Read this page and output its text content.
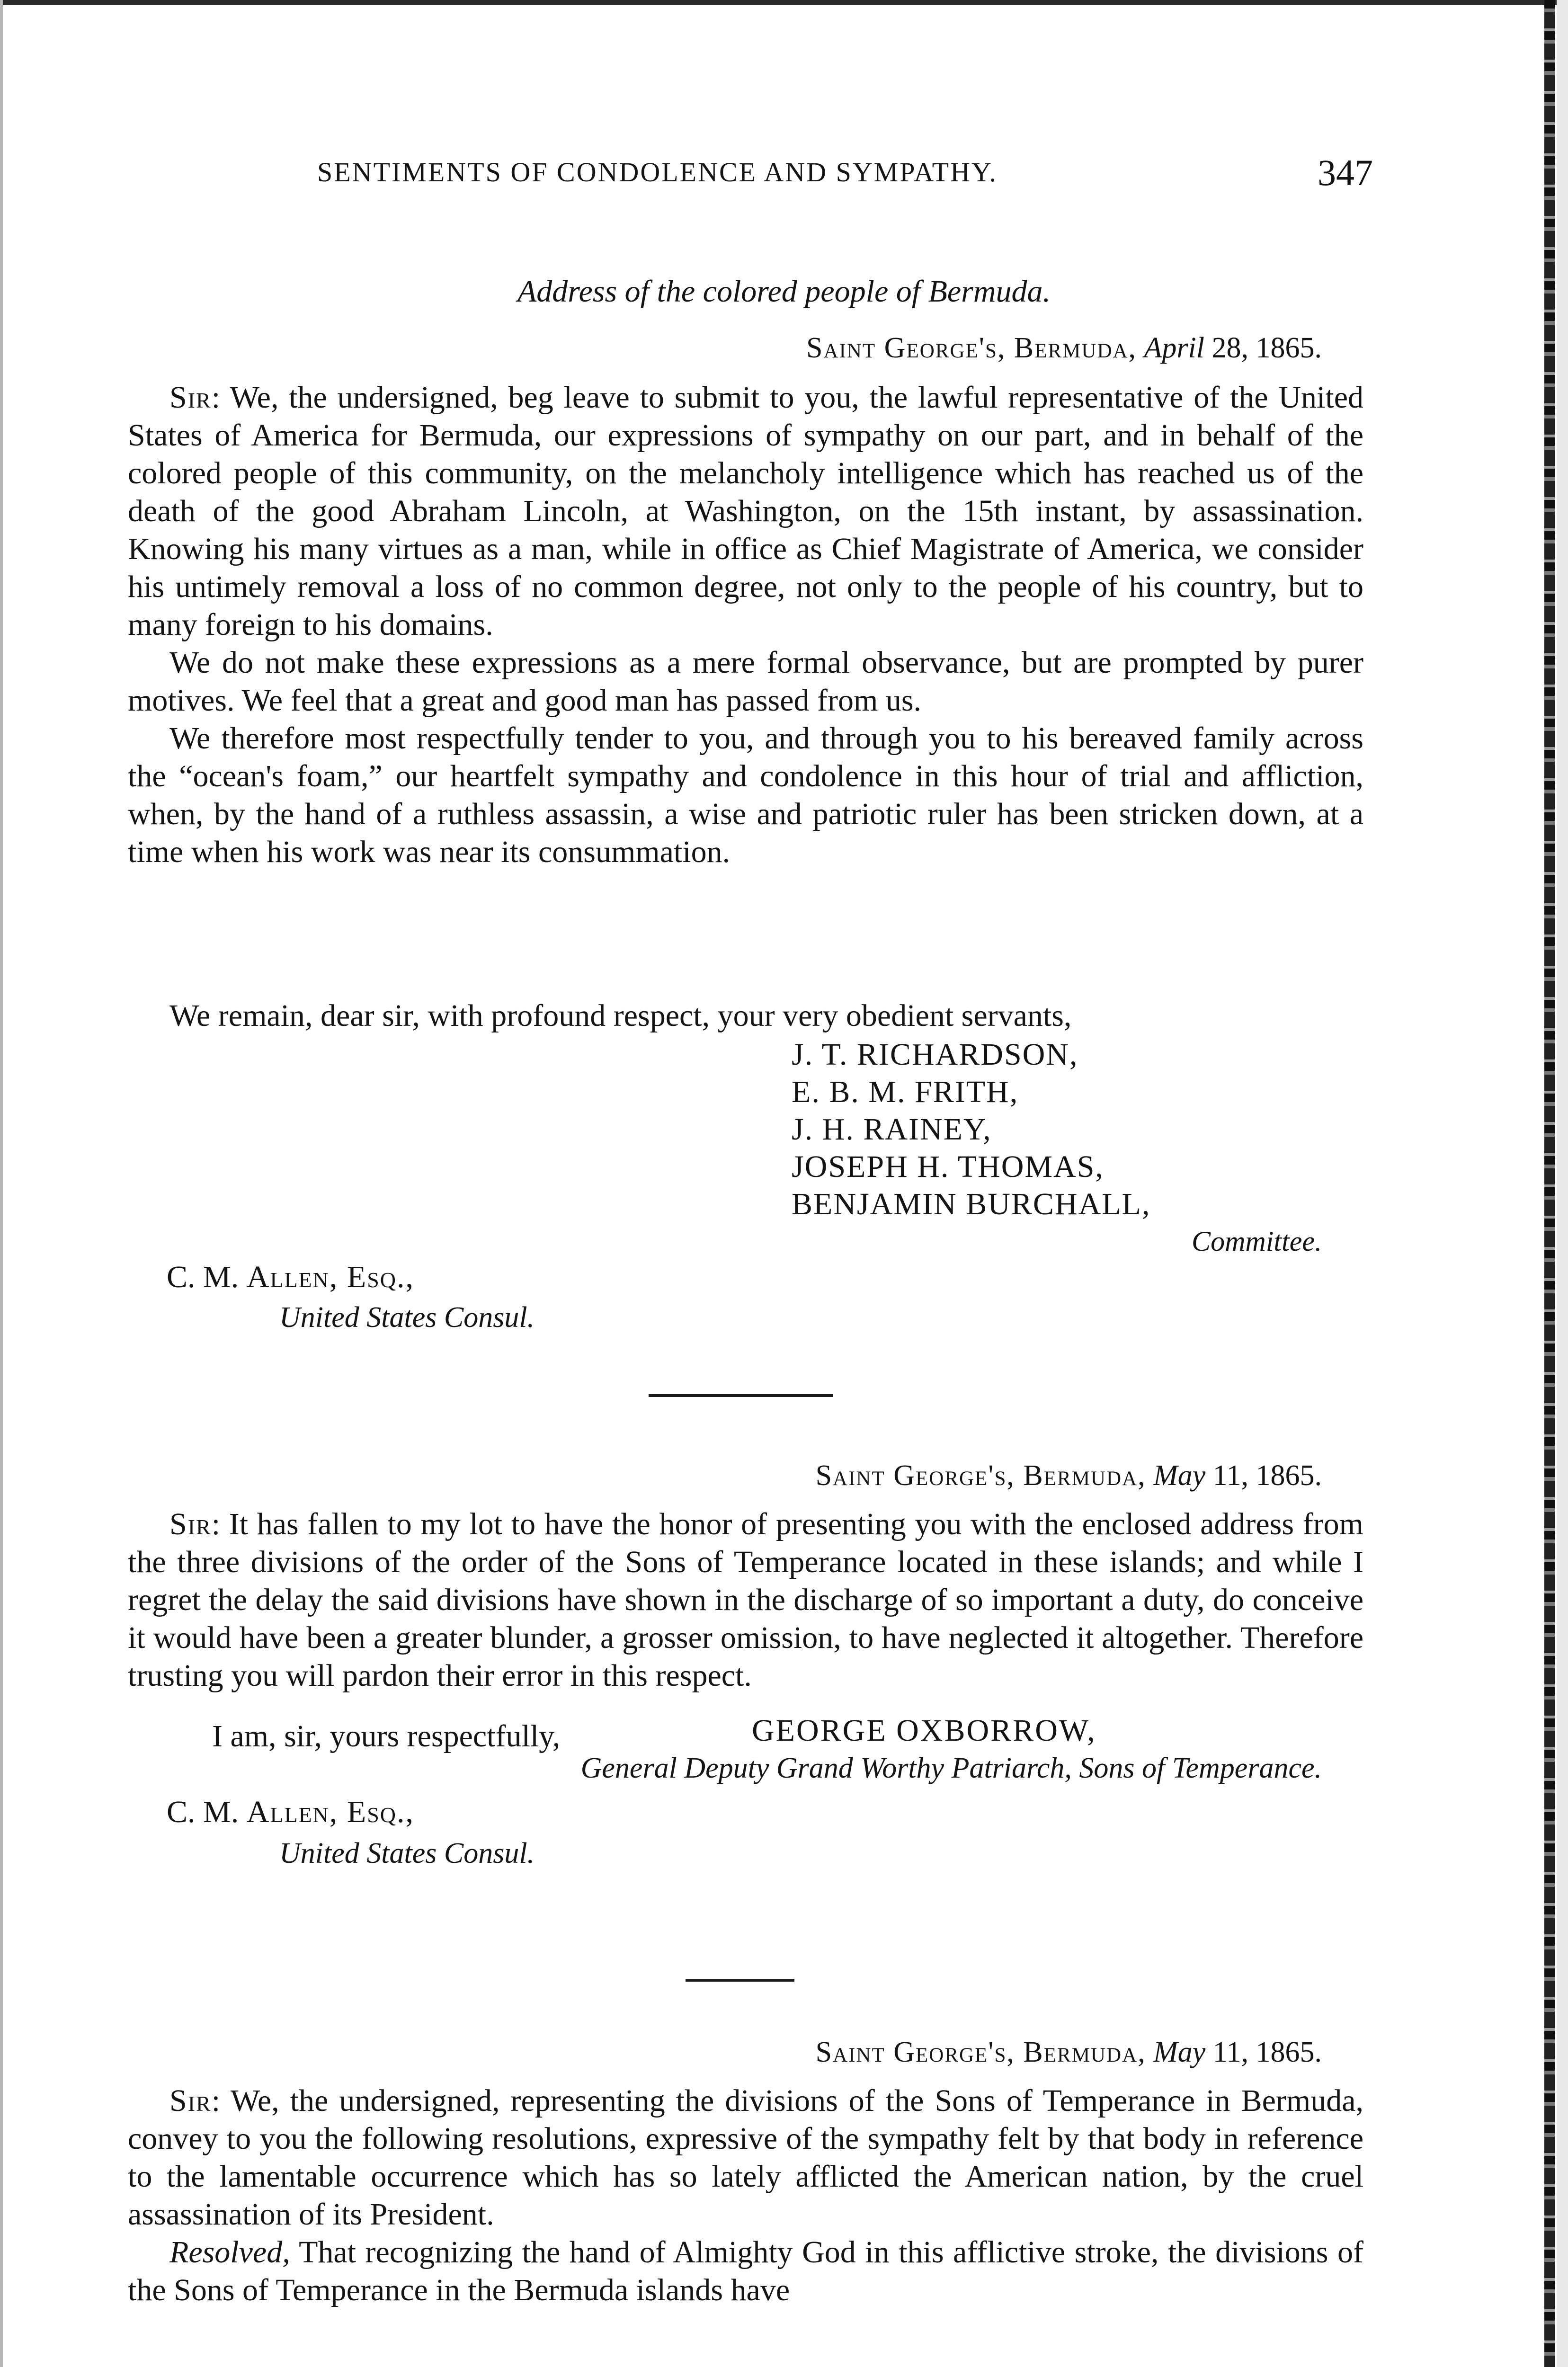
SENTIMENTS OF CONDOLENCE AND SYMPATHY.	347
Address of the colored people of Bermuda.
Saint George's, Bermuda, April 28, 1865.

Sir: We, the undersigned, beg leave to submit to you, the lawful representative of the United States of America for Bermuda, our expressions of sympathy on our part, and in behalf of the colored people of this community, on the melancholy intelligence which has reached us of the death of the good Abraham Lincoln, at Washington, on the 15th instant, by assassination. Knowing his many virtues as a man, while in office as Chief Magistrate of America, we consider his untimely removal a loss of no common degree, not only to the people of his country, but to many foreign to his domains.

We do not make these expressions as a mere formal observance, but are prompted by purer motives. We feel that a great and good man has passed from us.

We therefore most respectfully tender to you, and through you to his bereaved family across the “ocean's foam,” our heartfelt sympathy and condolence in this hour of trial and affliction, when, by the hand of a ruthless assassin, a wise and patriotic ruler has been stricken down, at a time when his work was near its consummation.

We remain, dear sir, with profound respect, your very obedient servants,
J. T. RICHARDSON,
E. B. M. FRITH,
J. H. RAINEY,
JOSEPH H. THOMAS,
BENJAMIN BURCHALL,
Committee.
C. M. Allen, Esq.,
United States Consul.
Saint George's, Bermuda, May 11, 1865.

Sir: It has fallen to my lot to have the honor of presenting you with the enclosed address from the three divisions of the order of the Sons of Temperance located in these islands; and while I regret the delay the said divisions have shown in the discharge of so important a duty, do conceive it would have been a greater blunder, a grosser omission, to have neglected it altogether. Therefore trusting you will pardon their error in this respect.

I am, sir, yours respectfully,	GEORGE OXBORROW,
General Deputy Grand Worthy Patriarch, Sons of Temperance.
C. M. Allen, Esq.,
United States Consul.
Saint George's, Bermuda, May 11, 1865.

Sir: We, the undersigned, representing the divisions of the Sons of Temperance in Bermuda, convey to you the following resolutions, expressive of the sympathy felt by that body in reference to the lamentable occurrence which has so lately afflicted the American nation, by the cruel assassination of its President.

Resolved, That recognizing the hand of Almighty God in this afflictive stroke, the divisions of the Sons of Temperance in the Bermuda islands have
